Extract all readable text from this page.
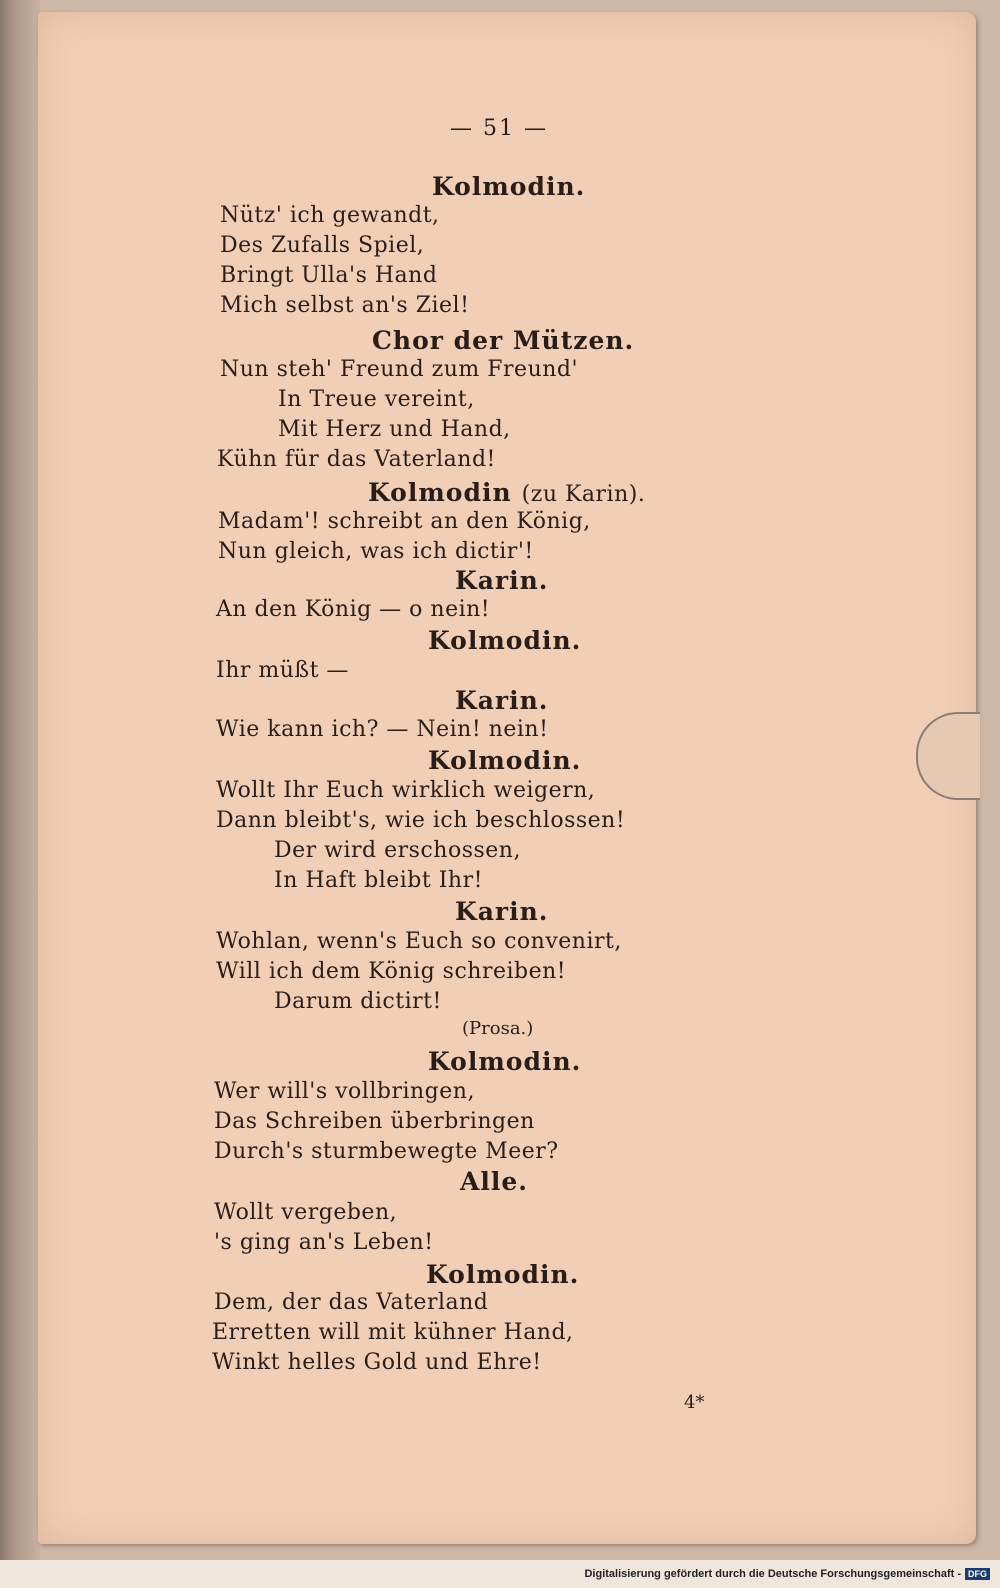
— 51 —
Kolmodin.
Nütz' ich gewandt,
Des Zufalls Spiel,
Bringt Ulla's Hand
Mich selbst an's Ziel!
Chor der Mützen.
Nun steh' Freund zum Freund'
In Treue vereint,
Mit Herz und Hand,
Kühn für das Vaterland!
Kolmodin (zu Karin).
Madam'! schreibt an den König,
Nun gleich, was ich dictir'!
Karin.
An den König — o nein!
Kolmodin.
Ihr müßt —
Karin.
Wie kann ich? — Nein! nein!
Kolmodin.
Wollt Ihr Euch wirklich weigern,
Dann bleibt's, wie ich beschlossen!
Der wird erschossen,
In Haft bleibt Ihr!
Karin.
Wohlan, wenn's Euch so convenirt,
Will ich dem König schreiben!
Darum dictirt!
(Prosa.)
Kolmodin.
Wer will's vollbringen,
Das Schreiben überbringen
Durch's sturmbewegte Meer?
Alle.
Wollt vergeben,
's ging an's Leben!
Kolmodin.
Dem, der das Vaterland
Erretten will mit kühner Hand,
Winkt helles Gold und Ehre!
4*
Digitalisierung gefördert durch die Deutsche Forschungsgemeinschaft - DFG
